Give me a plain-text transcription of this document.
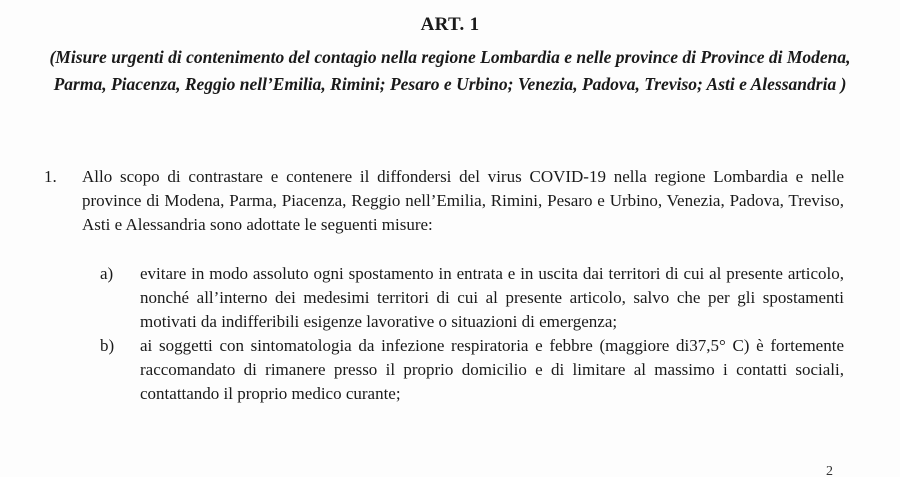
ART. 1
(Misure urgenti di contenimento del contagio nella regione Lombardia e nelle province di Province di Modena, Parma, Piacenza, Reggio nell’Emilia, Rimini; Pesaro e Urbino; Venezia, Padova, Treviso; Asti e Alessandria )
1. Allo scopo di contrastare e contenere il diffondersi del virus COVID-19 nella regione Lombardia e nelle province di Modena, Parma, Piacenza, Reggio nell’Emilia, Rimini, Pesaro e Urbino, Venezia, Padova, Treviso, Asti e Alessandria sono adottate le seguenti misure:
a) evitare in modo assoluto ogni spostamento in entrata e in uscita dai territori di cui al presente articolo, nonché all’interno dei medesimi territori di cui al presente articolo, salvo che per gli spostamenti motivati da indifferibili esigenze lavorative o situazioni di emergenza;
b) ai soggetti con sintomatologia da infezione respiratoria e febbre (maggiore di37,5° C) è fortemente raccomandato di rimanere presso il proprio domicilio e di limitare al massimo i contatti sociali, contattando il proprio medico curante;
2
